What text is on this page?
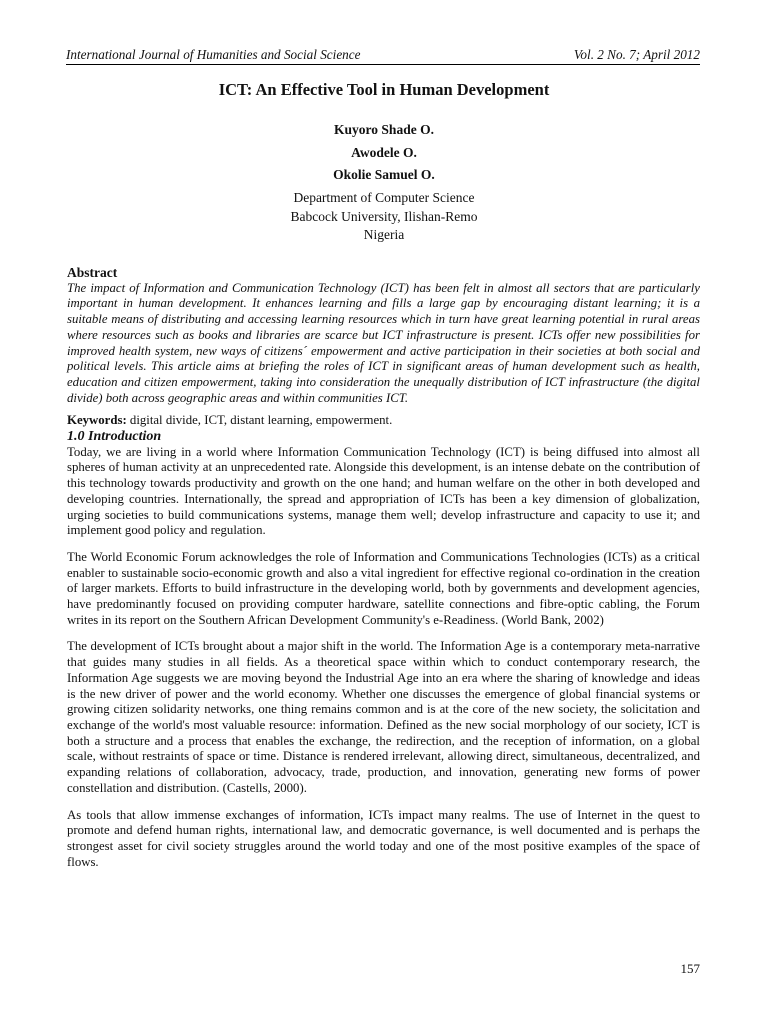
International Journal of Humanities and Social Science	Vol. 2 No. 7; April 2012
ICT: An Effective Tool in Human Development
Kuyoro Shade O.
Awodele O.
Okolie Samuel O.
Department of Computer Science
Babcock University, Ilishan-Remo
Nigeria

Abstract

The impact of Information and Communication Technology (ICT) has been felt in almost all sectors that are particularly important in human development. It enhances learning and fills a large gap by encouraging distant learning; it is a suitable means of distributing and accessing learning resources which in turn have great learning potential in rural areas where resources such as books and libraries are scarce but ICT infrastructure is present. ICTs offer new possibilities for improved health system, new ways of citizens´ empowerment and active participation in their societies at both social and political levels. This article aims at briefing the roles of ICT in significant areas of human development such as health, education and citizen empowerment, taking into consideration the unequally distribution of ICT infrastructure (the digital divide) both across geographic areas and within communities ICT.

Keywords: digital divide, ICT, distant learning, empowerment.

1.0 Introduction

Today, we are living in a world where Information Communication Technology (ICT) is being diffused into almost all spheres of human activity at an unprecedented rate. Alongside this development, is an intense debate on the contribution of this technology towards productivity and growth on the one hand; and human welfare on the other in both developed and developing countries. Internationally, the spread and appropriation of ICTs has been a key dimension of globalization, urging societies to build communications systems, manage them well; develop infrastructure and capacity to use it; and implement good policy and regulation.

The World Economic Forum acknowledges the role of Information and Communications Technologies (ICTs) as a critical enabler to sustainable socio-economic growth and also a vital ingredient for effective regional co-ordination in the creation of larger markets. Efforts to build infrastructure in the developing world, both by governments and development agencies, have predominantly focused on providing computer hardware, satellite connections and fibre-optic cabling, the Forum writes in its report on the Southern African Development Community's e-Readiness. (World Bank, 2002)

The development of ICTs brought about a major shift in the world. The Information Age is a contemporary meta-narrative that guides many studies in all fields. As a theoretical space within which to conduct contemporary research, the Information Age suggests we are moving beyond the Industrial Age into an era where the sharing of knowledge and ideas is the new driver of power and the world economy. Whether one discusses the emergence of global financial systems or growing citizen solidarity networks, one thing remains common and is at the core of the new society, the solicitation and exchange of the world's most valuable resource: information. Defined as the new social morphology of our society, ICT is both a structure and a process that enables the exchange, the redirection, and the reception of information, on a global scale, without restraints of space or time. Distance is rendered irrelevant, allowing direct, simultaneous, decentralized, and expanding relations of collaboration, advocacy, trade, production, and innovation, generating new forms of power constellation and distribution. (Castells, 2000).

As tools that allow immense exchanges of information, ICTs impact many realms. The use of Internet in the quest to promote and defend human rights, international law, and democratic governance, is well documented and is perhaps the strongest asset for civil society struggles around the world today and one of the most positive examples of the space of flows.

157
